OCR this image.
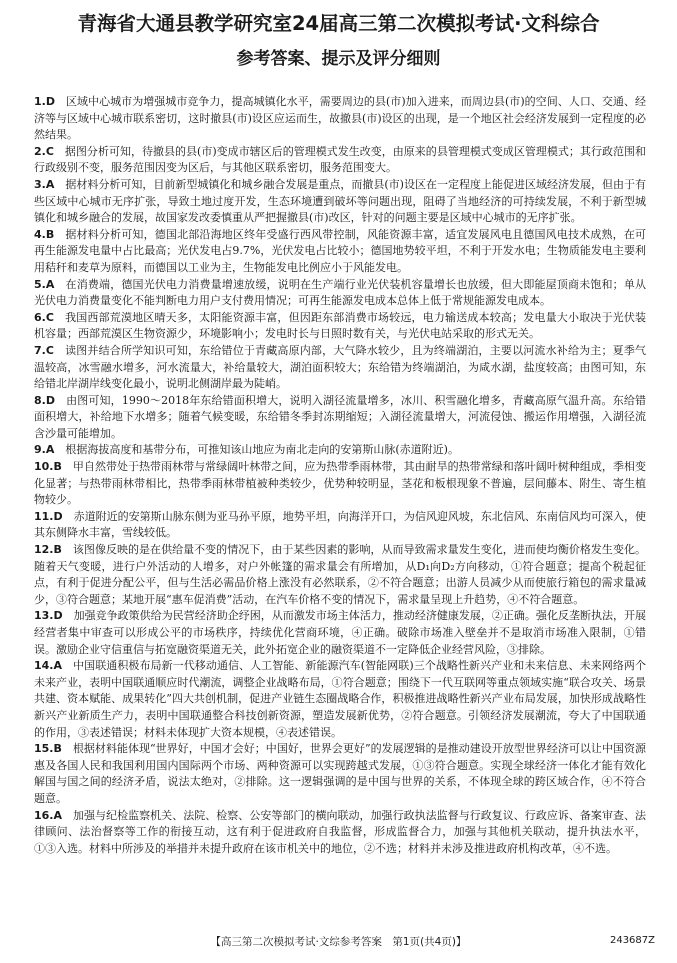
青海省大通县教学研究室24届高三第二次模拟考试·文科综合
参考答案、提示及评分细则

1.D  区域中心城市为增强城市竞争力，提高城镇化水平，需要周边的县(市)加入进来，而周边县(市)的空间、人口、交通、经济等与区域中心城市联系密切，这时撤县(市)设区应运而生，故撤县(市)设区的出现，是一个地区社会经济发展到一定程度的必然结果。

2.C  据图分析可知，待撤县的县(市)变成市辖区后的管理模式发生改变，由原来的县管理模式变成区管理模式；其行政范围和行政级别不变，服务范围因变为区后，与其他区联系密切，服务范围变大。

3.A  据材料分析可知，目前新型城镇化和城乡融合发展是重点，而撤县(市)设区在一定程度上能促进区域经济发展，但由于有些区域中心城市无序扩张，导致土地过度开发，生态环境遭到破坏等问题出现，阻碍了当地经济的可持续发展，不利于新型城镇化和城乡融合的发展，故国家发改委慎重从严把握撤县(市)改区，针对的问题主要是区域中心城市的无序扩张。

4.B  据材料分析可知，德国北部沿海地区终年受盛行西风带控制，风能资源丰富，适宜发展风电且德国风电技术成熟，在可再生能源发电量中占比最高；光伏发电占9.7%，光伏发电占比较小；德国地势较平坦，不利于开发水电；生物质能发电主要利用秸秆和麦草为原料，而德国以工业为主，生物能发电比例应小于风能发电。

5.A  在消费端，德国光伏电力消费量增速放缓，说明在生产端行业光伏装机容量增长也放缓，但大即能屋顶商未饱和；单从光伏电力消费量变化不能判断电力用户支付费用情况；可再生能源发电成本总体上低于常规能源发电成本。

6.C  我国西部荒漠地区晴天多，太阳能资源丰富，但因距东部消费市场较远，电力输送成本较高；发电量大小取决于光伏装机容量；西部荒漠区生物资源少，环境影响小；发电时长与日照时数有关，与光伏电站采取的形式无关。

7.C  读图并结合所学知识可知，东给错位于青藏高原内部，大气降水较少，且为终端湖泊，主要以河流水补给为主；夏季气温较高，冰雪融水增多，河水流量大，补给量较大，湖泊面积较大；东给错为终端湖泊，为咸水湖，盐度较高；由图可知，东给错北岸湖岸线变化最小，说明北侧湖岸最为陡峭。

8.D  由图可知，1990～2018年东给错面积增大，说明入湖径流量增多，冰川、积雪融化增多，青藏高原气温升高。东给错面积增大，补给地下水增多；随着气候变暖，东给错冬季封冻期缩短；入湖径流量增大，河流侵蚀、搬运作用增强，入湖径流含沙量可能增加。

9.A  根据海拔高度和基带分布，可推知该山地应为南北走向的安第斯山脉(赤道附近)。

10.B  甲自然带处于热带雨林带与常绿阔叶林带之间，应为热带季雨林带，其由耐旱的热带常绿和落叶阔叶树种组成，季相变化显著；与热带雨林带相比，热带季雨林带植被种类较少，优势种较明显，茎花和板根现象不普遍，层间藤本、附生、寄生植物较少。

11.D  赤道附近的安第斯山脉东侧为亚马孙平原，地势平坦，向海洋开口，为信风迎风坡，东北信风、东南信风均可深入，使其东侧降水丰富，雪线较低。

12.B  该图像反映的是在供给量不变的情况下，由于某些因素的影响，从而导致需求量发生变化，进而使均衡价格发生变化。随着天气变暖，进行户外活动的人增多，对户外帐篷的需求量会有所增加，从D₁向D₂方向移动，①符合题意；提高个税起征点，有利于促进分配公平，但与生活必需品价格上涨没有必然联系，②不符合题意；出游人员减少从而使旅行箱包的需求量减少，③符合题意；某地开展“惠车促消费”活动，在汽车价格不变的情况下，需求量呈现上升趋势，④不符合题意。

13.D  加强竞争政策供给为民营经济助企纾困，从而激发市场主体活力，推动经济健康发展，②正确。强化反垄断执法，开展经营者集中审查可以形成公平的市场秩序，持续优化营商环境，④正确。破除市场准入壁垒并不是取消市场准入限制，①错误。激励企业守信重信与拓宽融资渠道无关，此外拓宽企业的融资渠道不一定降低企业经营风险，③排除。

14.A  中国联通积极布局新一代移动通信、人工智能、新能源汽车(智能网联)三个战略性新兴产业和未来信息、未来网络两个未来产业，表明中国联通顺应时代潮流，调整企业战略布局，①符合题意；围绕下一代互联网等重点领域实施“联合攻关、场景共建、资本赋能、成果转化”四大共创机制，促进产业链生态圈战略合作，积极推进战略性新兴产业布局发展，加快形成战略性新兴产业新质生产力，表明中国联通整合科技创新资源，塑造发展新优势，②符合题意。引领经济发展潮流，夸大了中国联通的作用，③表述错误；材料未体现扩大资本规模，④表述错误。

15.B  根据材料能体现“世界好，中国才会好；中国好，世界会更好”的发展逻辑的是推动建设开放型世界经济可以让中国资源惠及各国人民和我国利用国内国际两个市场、两种资源可以实现跨越式发展，①③符合题意。实现全球经济一体化才能有效化解国与国之间的经济矛盾，说法太绝对，②排除。这一逻辑强调的是中国与世界的关系，不体现全球的跨区域合作，④不符合题意。

16.A  加强与纪检监察机关、法院、检察、公安等部门的横向联动，加强行政执法监督与行政复议、行政应诉、备案审查、法律顾问、法治督察等工作的衔接互动，这有利于促进政府自我监督，形成监督合力，加强与其他机关联动，提升执法水平，①③入选。材料中所涉及的举措并未提升政府在该市机关中的地位，②不选；材料并未涉及推进政府机构改革，④不选。

【高三第二次模拟考试·文综参考答案　第1页(共4页)】	243687Z
